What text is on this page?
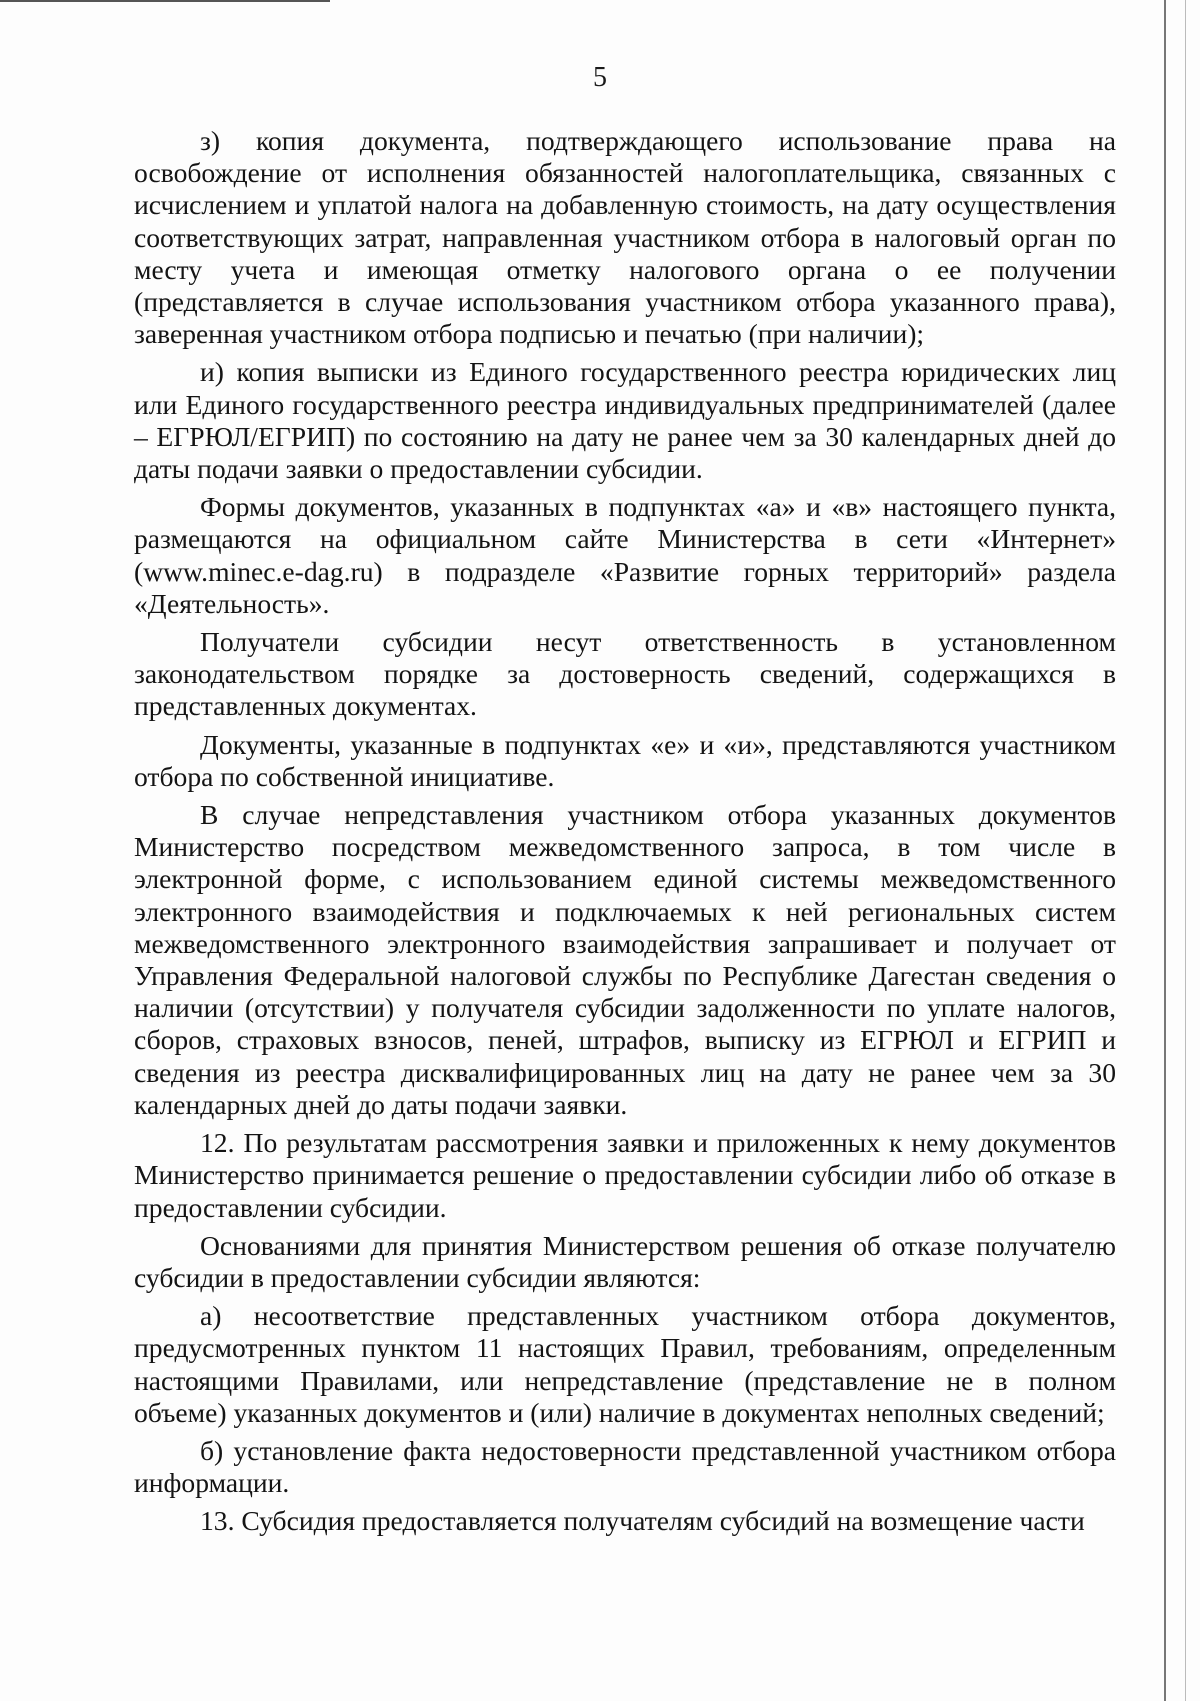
5

з) копия документа, подтверждающего использование права на освобождение от исполнения обязанностей налогоплательщика, связанных с исчислением и уплатой налога на добавленную стоимость, на дату осуществления соответствующих затрат, направленная участником отбора в налоговый орган по месту учета и имеющая отметку налогового органа о ее получении (представляется в случае использования участником отбора указанного права), заверенная участником отбора подписью и печатью (при наличии);

и) копия выписки из Единого государственного реестра юридических лиц или Единого государственного реестра индивидуальных предпринимателей (далее – ЕГРЮЛ/ЕГРИП) по состоянию на дату не ранее чем за 30 календарных дней до даты подачи заявки о предоставлении субсидии.

Формы документов, указанных в подпунктах «а» и «в» настоящего пункта, размещаются на официальном сайте Министерства в сети «Интернет» (www.minec.e-dag.ru) в подразделе «Развитие горных территорий» раздела «Деятельность».

Получатели субсидии несут ответственность в установленном законодательством порядке за достоверность сведений, содержащихся в представленных документах.

Документы, указанные в подпунктах «е» и «и», представляются участником отбора по собственной инициативе.

В случае непредставления участником отбора указанных документов Министерство посредством межведомственного запроса, в том числе в электронной форме, с использованием единой системы межведомственного электронного взаимодействия и подключаемых к ней региональных систем межведомственного электронного взаимодействия запрашивает и получает от Управления Федеральной налоговой службы по Республике Дагестан сведения о наличии (отсутствии) у получателя субсидии задолженности по уплате налогов, сборов, страховых взносов, пеней, штрафов, выписку из ЕГРЮЛ и ЕГРИП и сведения из реестра дисквалифицированных лиц на дату не ранее чем за 30 календарных дней до даты подачи заявки.

12. По результатам рассмотрения заявки и приложенных к нему документов Министерство принимается решение о предоставлении субсидии либо об отказе в предоставлении субсидии.

Основаниями для принятия Министерством решения об отказе получателю субсидии в предоставлении субсидии являются:

а) несоответствие представленных участником отбора документов, предусмотренных пунктом 11 настоящих Правил, требованиям, определенным настоящими Правилами, или непредставление (представление не в полном объеме) указанных документов и (или) наличие в документах неполных сведений;

б) установление факта недостоверности представленной участником отбора информации.

13. Субсидия предоставляется получателям субсидий на возмещение части
